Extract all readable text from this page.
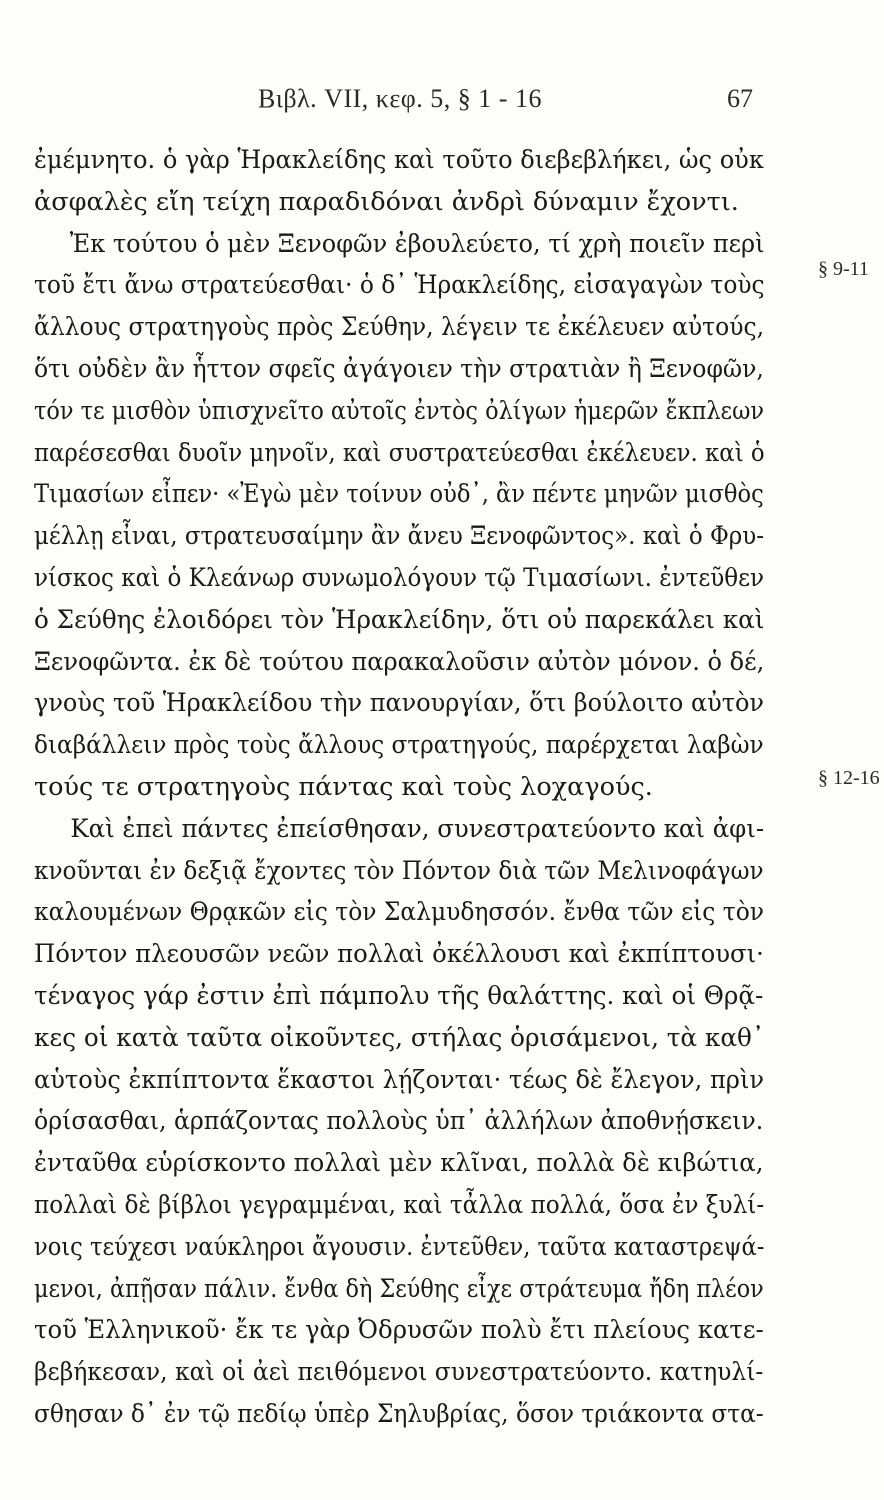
Βιβλ. VII, κεφ. 5, § 1 - 16	67
ἐμέμνητο. ὁ γὰρ Ἡρακλείδης καὶ τοῦτο διεβεβλήκει, ὡς οὐκ
ἀσφαλὲς εἴη τείχη παραδιδόναι ἀνδρὶ δύναμιν ἔχοντι.
Ἐκ τούτου ὁ μὲν Ξενοφῶν ἐβουλεύετο, τί χρὴ ποιεῖν περὶ
τοῦ ἔτι ἄνω στρατεύεσθαι· ὁ δ᾽ Ἡρακλείδης, εἰσαγαγὼν τοὺς
ἄλλους στρατηγοὺς πρὸς Σεύθην, λέγειν τε ἐκέλευεν αὐτούς,
ὅτι οὐδὲν ἂν ἧττον σφεῖς ἀγάγοιεν τὴν στρατιὰν ἢ Ξενοφῶν,
τόν τε μισθὸν ὑπισχνεῖτο αὐτοῖς ἐντὸς ὀλίγων ἡμερῶν ἔκπλεων
παρέσεσθαι δυοῖν μηνοῖν, καὶ συστρατεύεσθαι ἐκέλευεν. καὶ ὁ
Τιμασίων εἶπεν· «Ἐγὼ μὲν τοίνυν οὐδ᾽, ἂν πέντε μηνῶν μισθὸς
μέλλῃ εἶναι, στρατευσαίμην ἂν ἄνευ Ξενοφῶντος». καὶ ὁ Φρυ-
νίσκος καὶ ὁ Κλεάνωρ συνωμολόγουν τῷ Τιμασίωνι. ἐντεῦθεν
ὁ Σεύθης ἐλοιδόρει τὸν Ἡρακλείδην, ὅτι οὐ παρεκάλει καὶ
Ξενοφῶντα. ἐκ δὲ τούτου παρακαλοῦσιν αὐτὸν μόνον. ὁ δέ,
γνοὺς τοῦ Ἡρακλείδου τὴν πανουργίαν, ὅτι βούλοιτο αὐτὸν
διαβάλλειν πρὸς τοὺς ἄλλους στρατηγούς, παρέρχεται λαβὼν
τούς τε στρατηγοὺς πάντας καὶ τοὺς λοχαγούς.
Καὶ ἐπεὶ πάντες ἐπείσθησαν, συνεστρατεύοντο καὶ ἀφι-
κνοῦνται ἐν δεξιᾷ ἔχοντες τὸν Πόντον διὰ τῶν Μελινοφάγων
καλουμένων Θρᾳκῶν εἰς τὸν Σαλμυδησσόν. ἔνθα τῶν εἰς τὸν
Πόντον πλεουσῶν νεῶν πολλαὶ ὀκέλλουσι καὶ ἐκπίπτουσι·
τέναγος γάρ ἐστιν ἐπὶ πάμπολυ τῆς θαλάττης. καὶ οἱ Θρᾷ-
κες οἱ κατὰ ταῦτα οἰκοῦντες, στήλας ὁρισάμενοι, τὰ καθ᾽
αὑτοὺς ἐκπίπτοντα ἕκαστοι λῄζονται· τέως δὲ ἔλεγον, πρὶν
ὁρίσασθαι, ἁρπάζοντας πολλοὺς ὑπ᾽ ἀλλήλων ἀποθνῄσκειν.
ἐνταῦθα εὑρίσκοντο πολλαὶ μὲν κλῖναι, πολλὰ δὲ κιβώτια,
πολλαὶ δὲ βίβλοι γεγραμμέναι, καὶ τἆλλα πολλά, ὅσα ἐν ξυλί-
νοις τεύχεσι ναύκληροι ἄγουσιν. ἐντεῦθεν, ταῦτα καταστρεψά-
μενοι, ἀπῇσαν πάλιν. ἔνθα δὴ Σεύθης εἶχε στράτευμα ἤδη πλέον
τοῦ Ἑλληνικοῦ· ἔκ τε γὰρ Ὀδρυσῶν πολὺ ἔτι πλείους κατε-
βεβήκεσαν, καὶ οἱ ἀεὶ πειθόμενοι συνεστρατεύοντο. κατηυλί-
σθησαν δ᾽ ἐν τῷ πεδίῳ ὑπὲρ Σηλυβρίας, ὅσον τριάκοντα στα-
§ 9-11
§ 12-16
